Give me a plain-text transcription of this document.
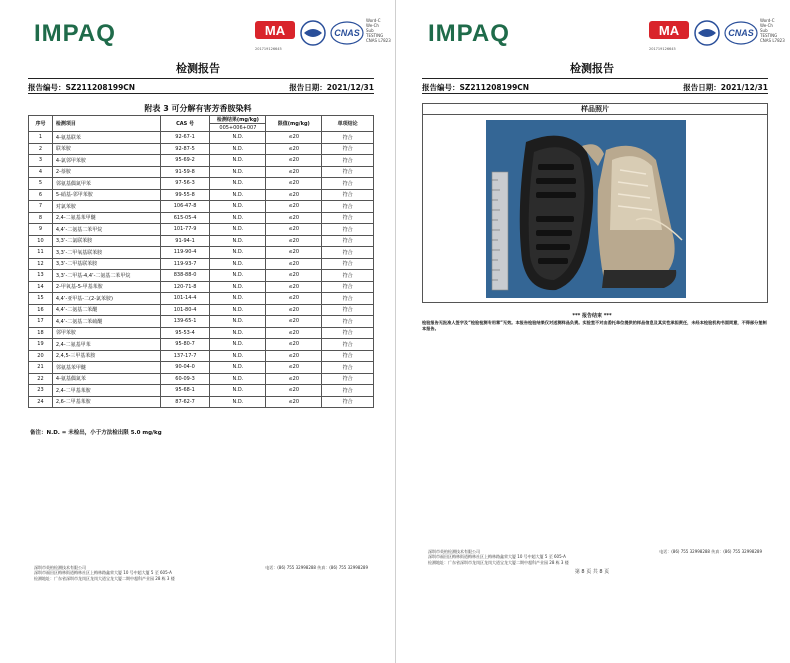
IMPAQ	MA
201719126645
CNAS
Word-C
We-Ch
Sub
TESTING
CNAS L7823
检测报告
报告编号：SZ211208199CN	报告日期：2021/12/31
附表 3 可分解有害芳香胺染料
序号	检测项目	CAS 号	检测结果(mg/kg)	限值(mg/kg)	单项结论
			005+006+007		
1	4-氨基联苯	92-67-1	N.D.	≤20	符合
2	联苯胺	92-87-5	N.D.	≤20	符合
3	4-氯邻甲苯胺	95-69-2	N.D.	≤20	符合
4	2-萘胺	91-59-8	N.D.	≤20	符合
5	邻氨基偶氮甲苯	97-56-3	N.D.	≤20	符合
6	5-硝基-邻甲苯胺	99-55-8	N.D.	≤20	符合
7	对氯苯胺	106-47-8	N.D.	≤20	符合
8	2,4-二氨基苯甲醚	615-05-4	N.D.	≤20	符合
9	4,4’-二氨基二苯甲烷	101-77-9	N.D.	≤20	符合
10	3,3’-二氯联苯胺	91-94-1	N.D.	≤20	符合
11	3,3’-二甲氧基联苯胺	119-90-4	N.D.	≤20	符合
12	3,3’-二甲基联苯胺	119-93-7	N.D.	≤20	符合
13	3,3’-二甲基-4,4’-二氨基二苯甲烷	838-88-0	N.D.	≤20	符合
14	2-甲氧基-5-甲基苯胺	120-71-8	N.D.	≤20	符合
15	4,4’-亚甲基-二(2-氯苯胺)	101-14-4	N.D.	≤20	符合
16	4,4’-二氨基二苯醚	101-80-4	N.D.	≤20	符合
17	4,4’-二氨基二苯硫醚	139-65-1	N.D.	≤20	符合
18	邻甲苯胺	95-53-4	N.D.	≤20	符合
19	2,4-二氨基甲苯	95-80-7	N.D.	≤20	符合
20	2,4,5-三甲基苯胺	137-17-7	N.D.	≤20	符合
21	邻氨基苯甲醚	90-04-0	N.D.	≤20	符合
22	4-氨基偶氮苯	60-09-3	N.D.	≤20	符合
23	2,4-二甲基苯胺	95-68-1	N.D.	≤20	符合
24	2,6-二甲基苯胺	87-62-7	N.D.	≤20	符合
备注：N.D. = 未检出，小于方法检出限 5.0 mg/kg
深圳市英柏检测技术有限公司
深圳市福田区梅林街道梅林社区上梅林路鑫荣大厦 10 号中超大厦 5 至 605-A
检测地址：广东省深圳市龙岗区龙岗大道宝龙大厦二期中超科产业园 28 栋 3 楼
电话：(86) 755 32998288 传真：(86) 755 32998289
IMPAQ	MA
201719126645
CNAS
Word-C
We-Ch
Sub
TESTING
CNAS L7823
检测报告
报告编号：SZ211208199CN	报告日期：2021/12/31
样品照片
*** 报告结束 ***
检验报告无批准人签字及“检验检测专用章”无效。本报告检验结果仅对送测样品负责。实验室不对由委托单位提供的样品信息及其实性承担责任，未经本检验机构书面同意，不得部分复制本报告。
深圳市英柏检测技术有限公司
深圳市福田区梅林街道梅林社区上梅林路鑫荣大厦 10 号中超大厦 5 至 605-A
检测地址：广东省深圳市龙岗区龙岗大道宝龙大厦二期中超科产业园 28 栋 3 楼
电话：(86) 755 32998288 传真：(86) 755 32998289
第 8 页 共 8 页
